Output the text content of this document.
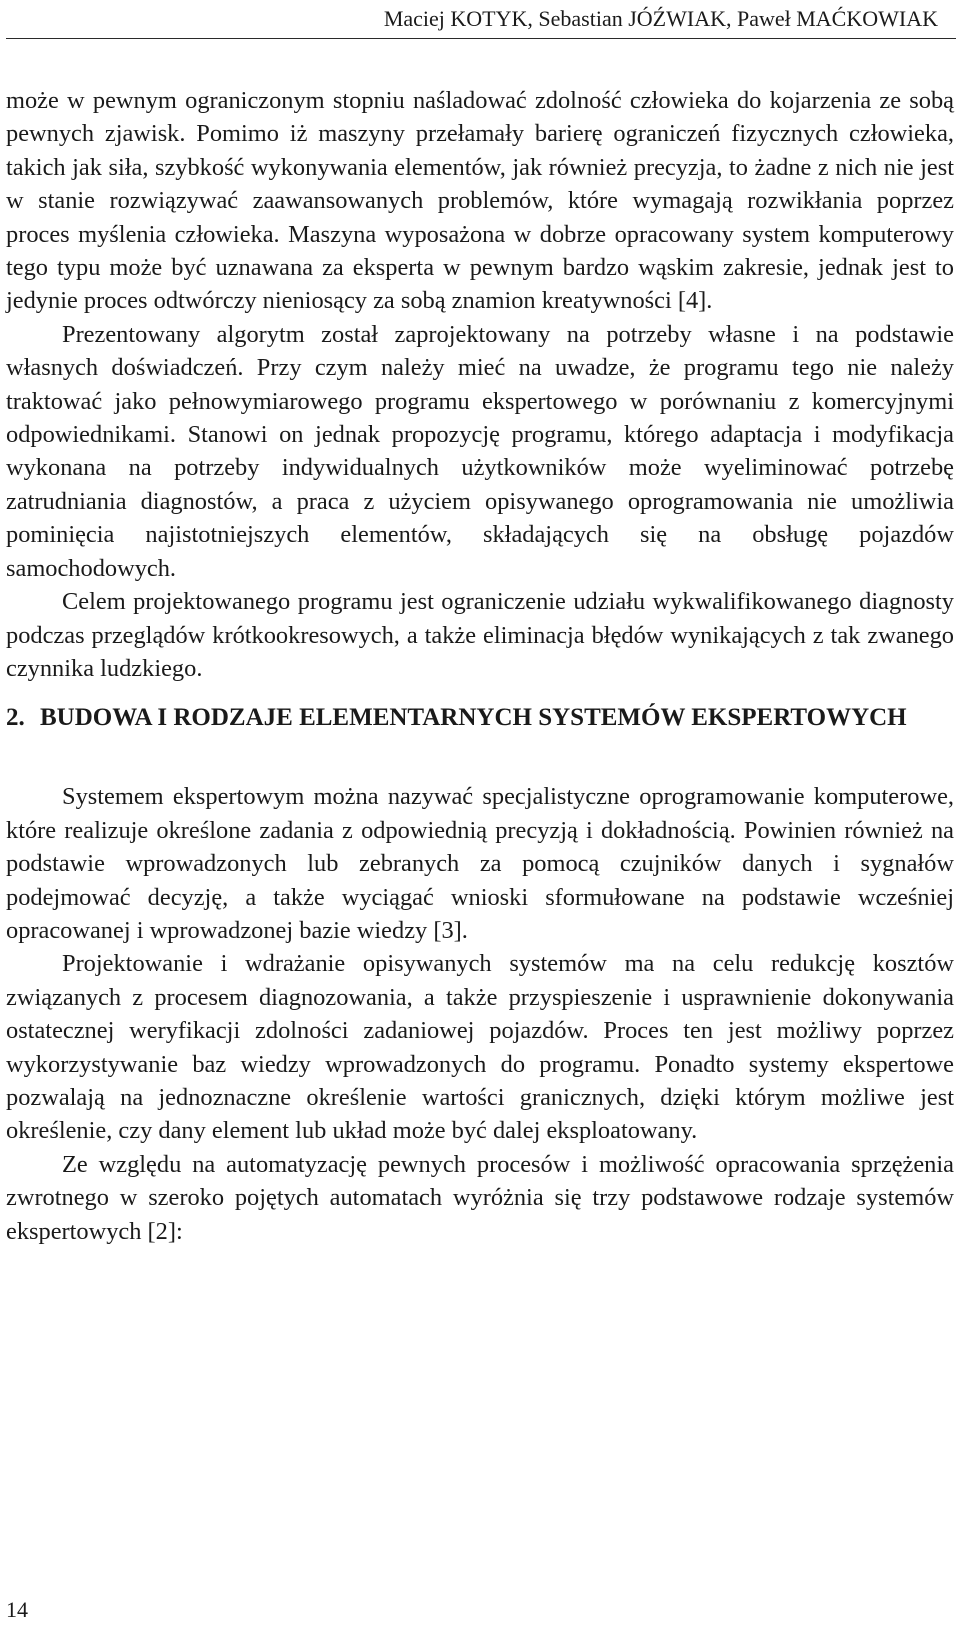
Maciej KOTYK, Sebastian JÓŹWIAK, Paweł MAĆKOWIAK

może w pewnym ograniczonym stopniu naśladować zdolność człowieka do kojarzenia ze sobą pewnych zjawisk. Pomimo iż maszyny przełamały barierę ograniczeń fizycznych człowieka, takich jak siła, szybkość wykonywania elementów, jak również precyzja, to żadne z nich nie jest w stanie rozwiązywać zaawansowanych problemów, które wymagają rozwikłania poprzez proces myślenia człowieka. Maszyna wyposażona w dobrze opracowany system komputerowy tego typu może być uznawana za eksperta w pewnym bardzo wąskim zakresie, jednak jest to jedynie proces odtwórczy nieniosący za sobą znamion kreatywności [4].

Prezentowany algorytm został zaprojektowany na potrzeby własne i na podstawie własnych doświadczeń. Przy czym należy mieć na uwadze, że programu tego nie należy traktować jako pełnowymiarowego programu ekspertowego w porównaniu z komercyjnymi odpowiednikami. Stanowi on jednak propozycję programu, którego adaptacja i modyfikacja wykonana na potrzeby indywidualnych użytkowników może wyeliminować potrzebę zatrudniania diagnostów, a praca z użyciem opisywanego oprogramowania nie umożliwia pominięcia najistotniejszych elementów, składających się na obsługę pojazdów samochodowych.

Celem projektowanego programu jest ograniczenie udziału wykwalifikowanego diagnosty podczas przeglądów krótkookresowych, a także eliminacja błędów wynikających z tak zwanego czynnika ludzkiego.

2. BUDOWA I RODZAJE ELEMENTARNYCH SYSTEMÓW EKSPERTOWYCH

Systemem ekspertowym można nazywać specjalistyczne oprogramowanie komputerowe, które realizuje określone zadania z odpowiednią precyzją i dokładnością. Powinien również na podstawie wprowadzonych lub zebranych za pomocą czujników danych i sygnałów podejmować decyzję, a także wyciągać wnioski sformułowane na podstawie wcześniej opracowanej i wprowadzonej bazie wiedzy [3].

Projektowanie i wdrażanie opisywanych systemów ma na celu redukcję kosztów związanych z procesem diagnozowania, a także przyspieszenie i usprawnienie dokonywania ostatecznej weryfikacji zdolności zadaniowej pojazdów. Proces ten jest możliwy poprzez wykorzystywanie baz wiedzy wprowadzonych do programu. Ponadto systemy ekspertowe pozwalają na jednoznaczne określenie wartości granicznych, dzięki którym możliwe jest określenie, czy dany element lub układ może być dalej eksploatowany.

Ze względu na automatyzację pewnych procesów i możliwość opracowania sprzężenia zwrotnego w szeroko pojętych automatach wyróżnia się trzy podstawowe rodzaje systemów ekspertowych [2]:

14
